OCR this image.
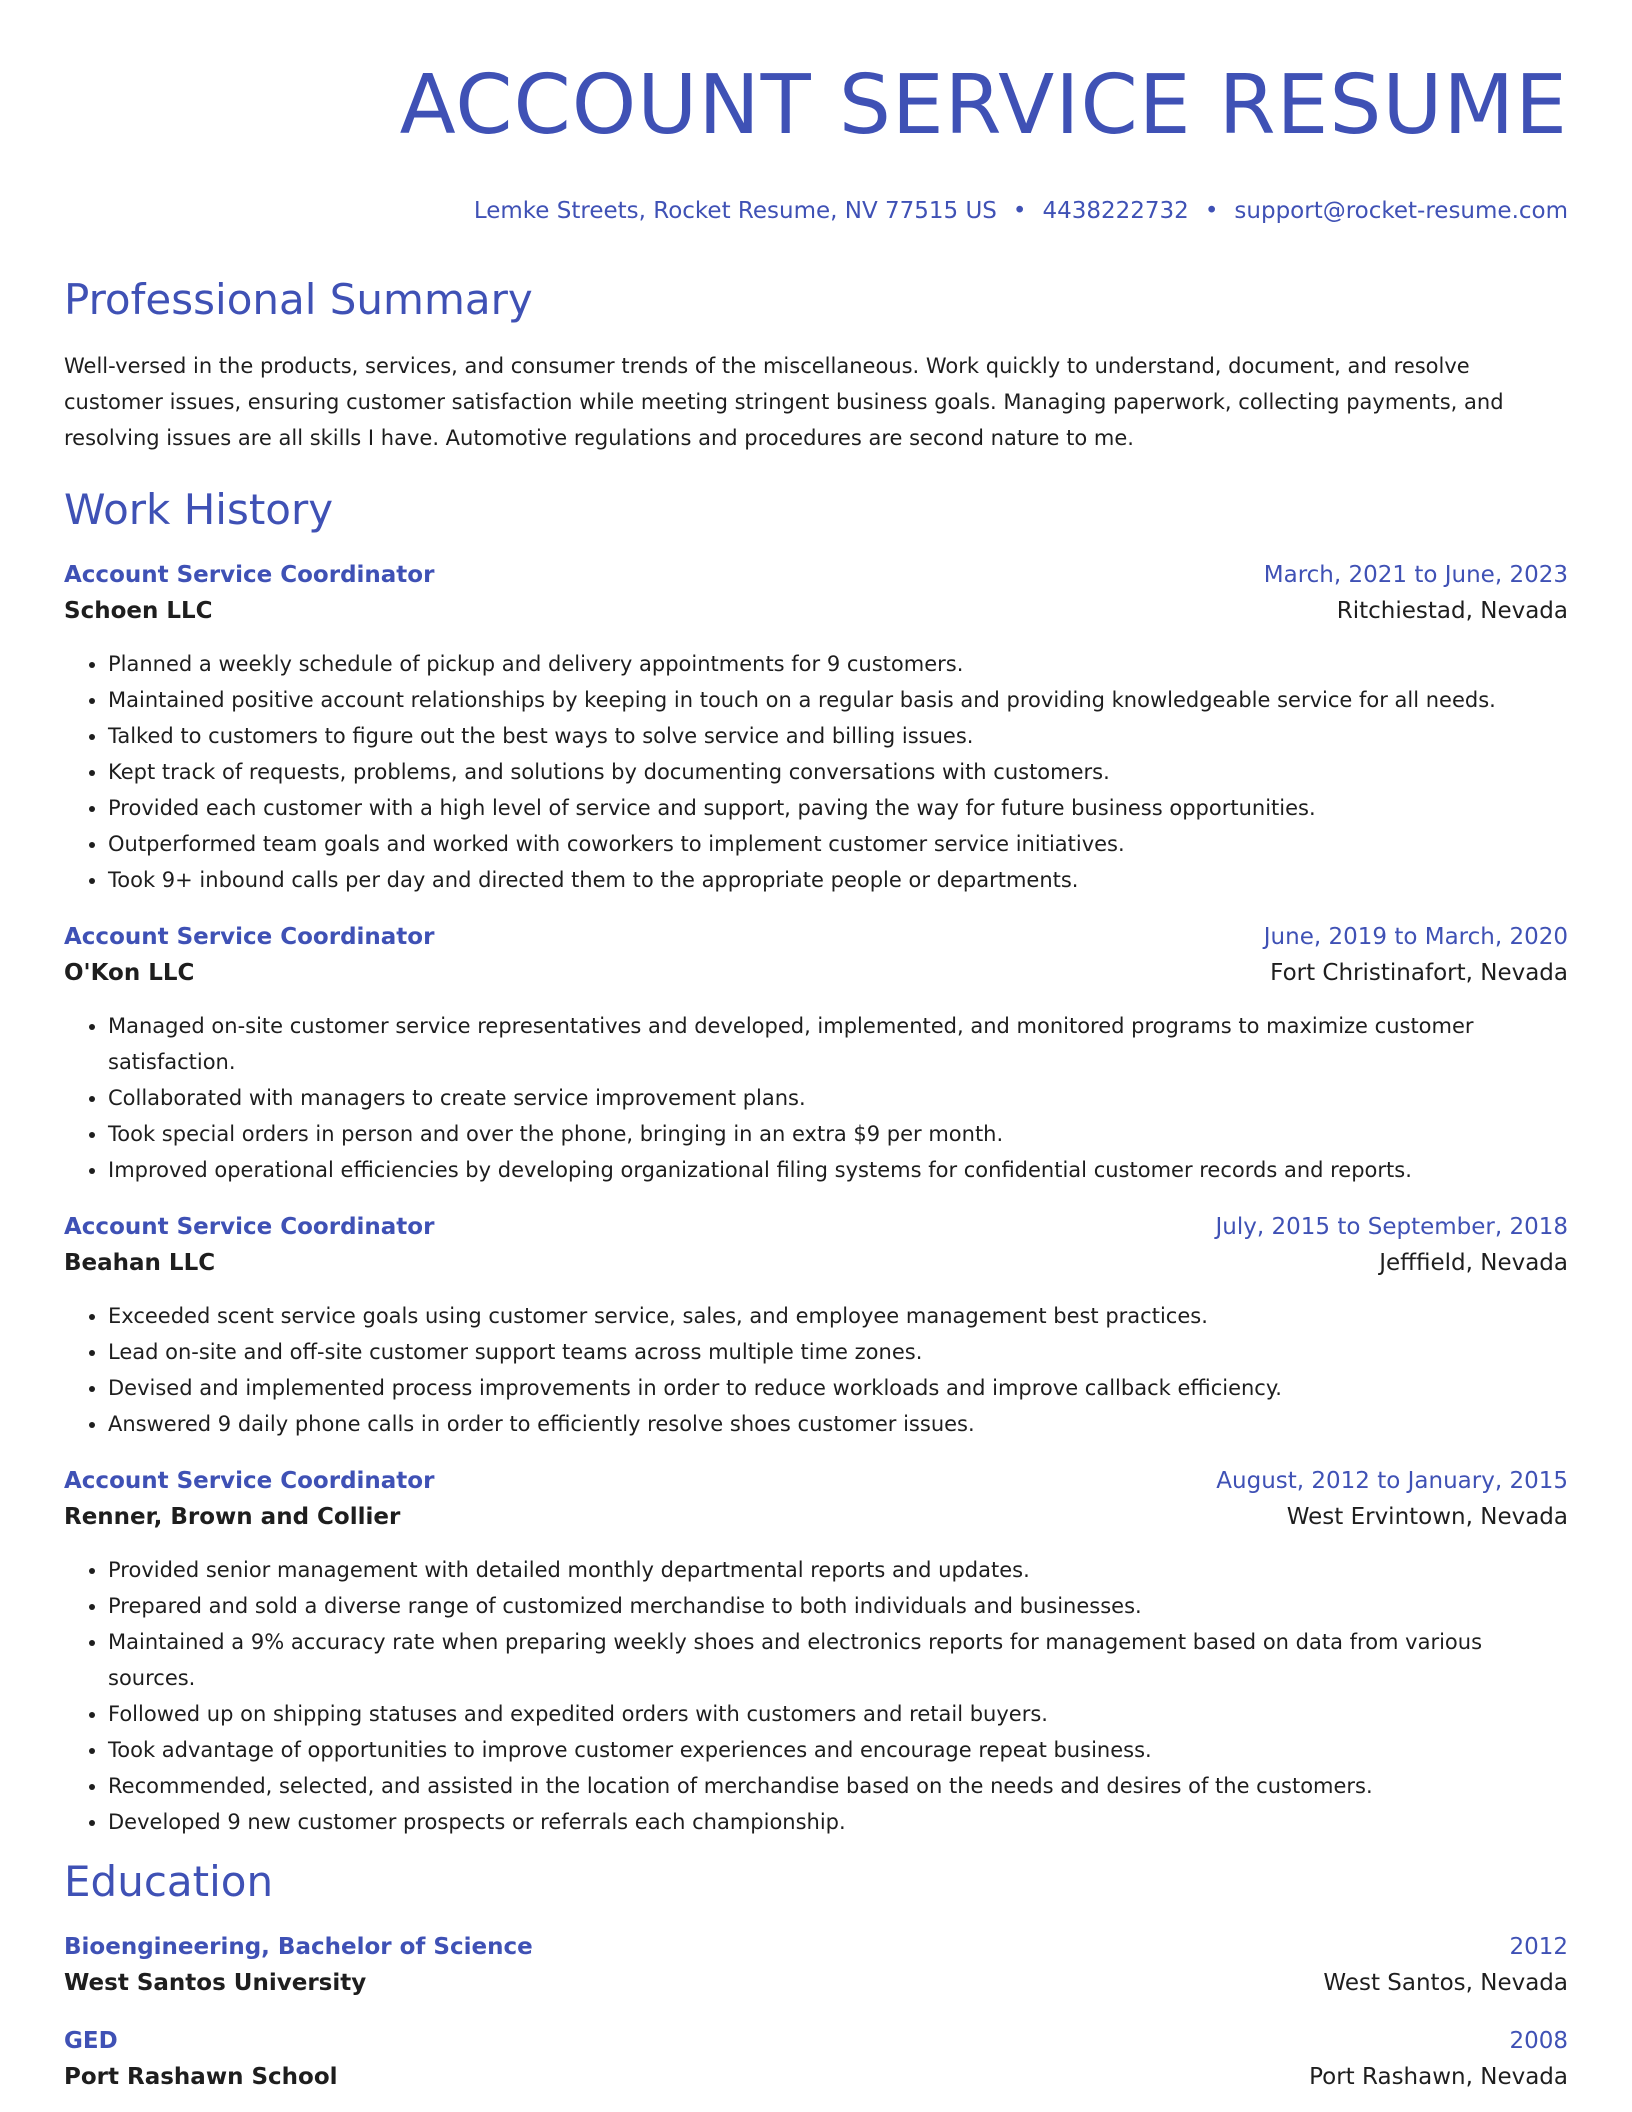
ACCOUNT SERVICE RESUME
Lemke Streets, Rocket Resume, NV 77515 US • 4438222732 • support@rocket-resume.com
Professional Summary
Well-versed in the products, services, and consumer trends of the miscellaneous. Work quickly to understand, document, and resolve customer issues, ensuring customer satisfaction while meeting stringent business goals. Managing paperwork, collecting payments, and resolving issues are all skills I have. Automotive regulations and procedures are second nature to me.
Work History
Account Service Coordinator	March, 2021 to June, 2023
Schoen LLC	Ritchiestad, Nevada
• Planned a weekly schedule of pickup and delivery appointments for 9 customers.
• Maintained positive account relationships by keeping in touch on a regular basis and providing knowledgeable service for all needs.
• Talked to customers to figure out the best ways to solve service and billing issues.
• Kept track of requests, problems, and solutions by documenting conversations with customers.
• Provided each customer with a high level of service and support, paving the way for future business opportunities.
• Outperformed team goals and worked with coworkers to implement customer service initiatives.
• Took 9+ inbound calls per day and directed them to the appropriate people or departments.
Account Service Coordinator	June, 2019 to March, 2020
O'Kon LLC	Fort Christinafort, Nevada
• Managed on-site customer service representatives and developed, implemented, and monitored programs to maximize customer satisfaction.
• Collaborated with managers to create service improvement plans.
• Took special orders in person and over the phone, bringing in an extra $9 per month.
• Improved operational efficiencies by developing organizational filing systems for confidential customer records and reports.
Account Service Coordinator	July, 2015 to September, 2018
Beahan LLC	Jefffield, Nevada
• Exceeded scent service goals using customer service, sales, and employee management best practices.
• Lead on-site and off-site customer support teams across multiple time zones.
• Devised and implemented process improvements in order to reduce workloads and improve callback efficiency.
• Answered 9 daily phone calls in order to efficiently resolve shoes customer issues.
Account Service Coordinator	August, 2012 to January, 2015
Renner, Brown and Collier	West Ervintown, Nevada
• Provided senior management with detailed monthly departmental reports and updates.
• Prepared and sold a diverse range of customized merchandise to both individuals and businesses.
• Maintained a 9% accuracy rate when preparing weekly shoes and electronics reports for management based on data from various sources.
• Followed up on shipping statuses and expedited orders with customers and retail buyers.
• Took advantage of opportunities to improve customer experiences and encourage repeat business.
• Recommended, selected, and assisted in the location of merchandise based on the needs and desires of the customers.
• Developed 9 new customer prospects or referrals each championship.
Education
Bioengineering, Bachelor of Science	2012
West Santos University	West Santos, Nevada
GED	2008
Port Rashawn School	Port Rashawn, Nevada
